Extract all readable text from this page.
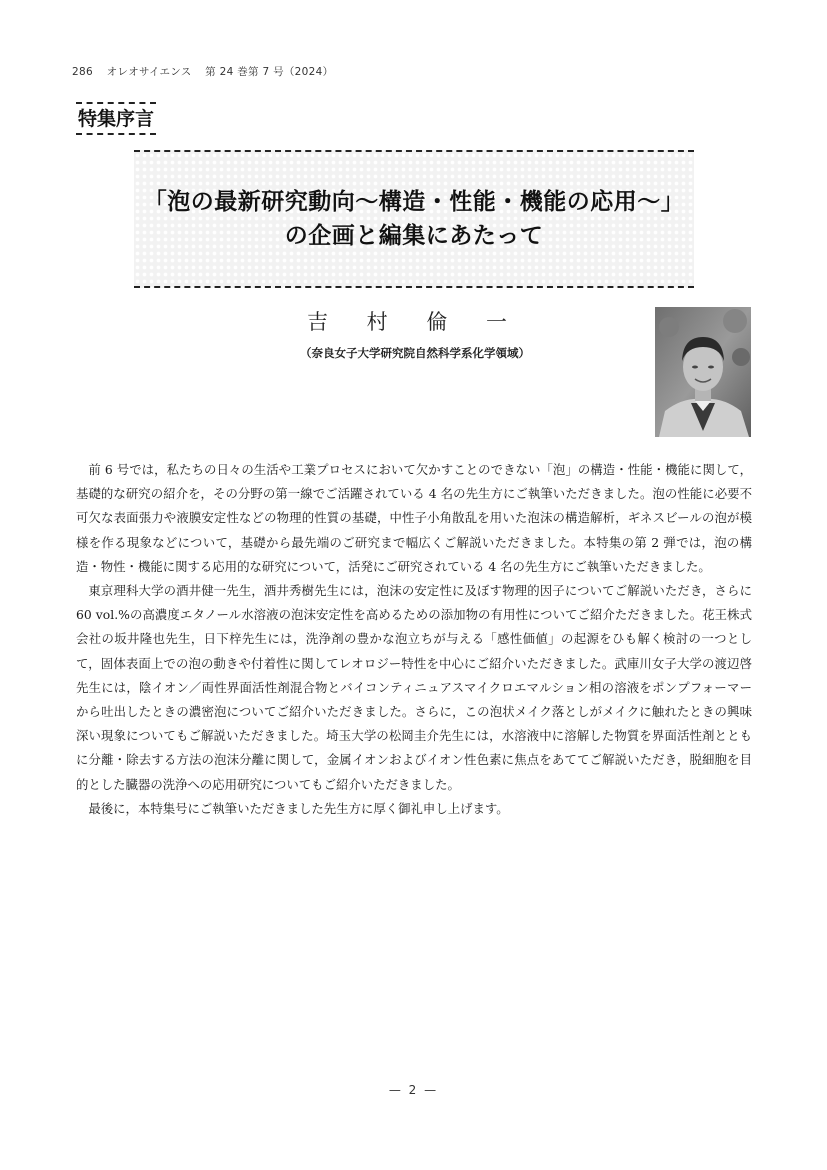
286 オレオサイエンス 第 24 巻第 7 号（2024）
特集序言
「泡の最新研究動向～構造・性能・機能の応用～」
の企画と編集にあたって
吉 村 倫 一
（奈良女子大学研究院自然科学系化学領域）

前 6 号では，私たちの日々の生活や工業プロセスにおいて欠かすことのできない「泡」の構造・性能・機能に関して，基礎的な研究の紹介を，その分野の第一線でご活躍されている 4 名の先生方にご執筆いただきました。泡の性能に必要不可欠な表面張力や液膜安定性などの物理的性質の基礎，中性子小角散乱を用いた泡沫の構造解析，ギネスビールの泡が模様を作る現象などについて，基礎から最先端のご研究まで幅広くご解説いただきました。本特集の第 2 弾では，泡の構造・物性・機能に関する応用的な研究について，活発にご研究されている 4 名の先生方にご執筆いただきました。

東京理科大学の酒井健一先生，酒井秀樹先生には，泡沫の安定性に及ぼす物理的因子についてご解説いただき，さらに 60 vol.%の高濃度エタノール水溶液の泡沫安定性を高めるための添加物の有用性についてご紹介ただきました。花王株式会社の坂井隆也先生，日下梓先生には，洗浄剤の豊かな泡立ちが与える「感性価値」の起源をひも解く検討の一つとして，固体表面上での泡の動きや付着性に関してレオロジー特性を中心にご紹介いただきました。武庫川女子大学の渡辺啓先生には，陰イオン／両性界面活性剤混合物とバイコンティニュアスマイクロエマルション相の溶液をポンプフォーマーから吐出したときの濃密泡についてご紹介いただきました。さらに，この泡状メイク落としがメイクに触れたときの興味深い現象についてもご解説いただきました。埼玉大学の松岡圭介先生には，水溶液中に溶解した物質を界面活性剤とともに分離・除去する方法の泡沫分離に関して，金属イオンおよびイオン性色素に焦点をあててご解説いただき，脱細胞を目的とした臓器の洗浄への応用研究についてもご紹介いただきました。

最後に，本特集号にご執筆いただきました先生方に厚く御礼申し上げます。

— 2 —
